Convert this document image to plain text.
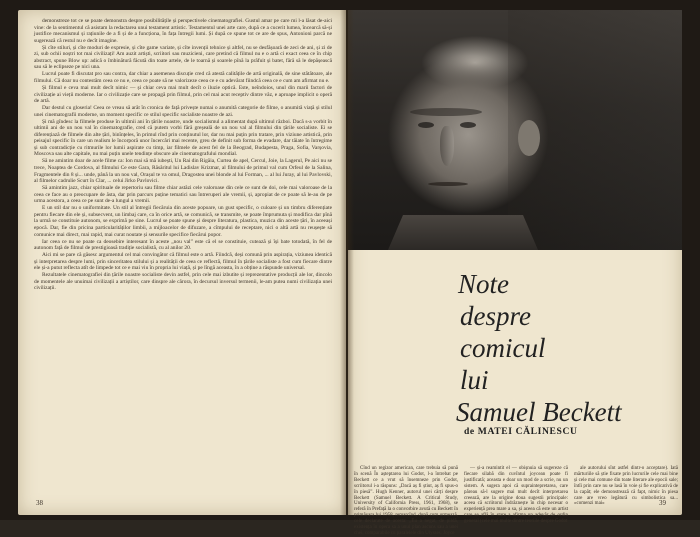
demonstreze tot ce se poate demonstra despre posibilitățile și perspectivele cinematografiei. Gustul amar pe care mi l-a lăsat de-aici vine: de la sentimentul că asistam la redactarea unui testament artistic. Testamentul unei arte care, după ce a cucerit lumea, încearcă să-și justifice mecanismul și rațiunile de a fi și de a funcționa, în fața întregii lumi. Și după ce spune tot ce are de spus, Antonioni parcă ne sugerează că restul nu e decît imagine.

Și cîte stiluri, și cîte moduri de expresie, și cîte game variate, și cîte invenții tehnice și altfel, nu se desfășoară de zeci de ani, și zi de zi, sub ochii noștri tot mai civilizați! Am auzit artiști, scriitori sau muzicieni, care pretind că filmul nu e o artă ci exact ceea ce în chip abstract, spune Blow up: adică o îmbinătură făcută din toate artele, de le toarnă și soarele pînă la prăfuit și batet, fără să le depășească sau să le eclipseze pe nici una.

Lucrul poate fi discutat pro sau contra, dar chiar a asemenea discuție cred că atestă calitățile de artă originală, de sine stătătoare, ale filmului. Că doar nu contestăm ceea ce nu e, ceea ce poate să ne valorizeze ceea ce e cu adevărat fiindcă ceea ce e cum am afirmat nu e.

Și filmul e ceva mai mult decît nimic — și chiar ceva mai mult decît o iluzie optică. Este, neîndoios, unul din marii factori de civilizație ai vieții moderne. Iar o civilizație care se propagă prin filmul, prin cel mai acut receptiv dintre văz, e aproape implicit o operă de artă.

Dar destul cu gloseria! Ceea ce vreau să arăt în cronica de față privește numai o anumită categorie de filme, o anumită viață și stilul unei cinematografii moderne, un moment specific ce stilul specific socialiste noastre de azi.

Și mă gîndesc la filmele produse în ultimii ani în țările noastre, unde socialismul a alimentat după ultimul război. Dacă s-a vorbit în ultimii ani de un nou val în cinematografie, cred că putem vorbi fără greșeală de un nou val al filmului din țările socialiste. Ei se diferențiază de filmele din alte țări, binînțeles, în primul rînd prin conținutul lor, dar nu mai puțin prin tratare, prin viziune artistică, prin peisajul specific în care un realism le încorporă unor încercări mai recente, greu de definit sub forma de evadare, dar tăiate în întregime și sub contradicție cu ritmurile lor lumii aspirate cu timp, iar filmele de acest fel de la Beograd, Budapesta, Praga, Sofia, Varșovia, Moscova sau alte capitale, nu mai puțin unele tendințe obscure ale cinematografului mondial.

Să ne amintim doar de acele filme ca: Ion mai să mă iubești, Un Rai din Rigăia, Curtea de apel, Cercul, Joie, la Lagerul, Pe aici nu se trece, Noaptea de Cordova, al filmului Ce este Gara, Răsăritul lui Ladislav Krizmar, al filmului de primul val cum Orfeul de la Salina, Fragmentele din 8 și... unde, până la un nou val, Orașul te va omul, Dragostea unei blonde al lui Forman, ... al lui Juray, al lui Pavlovski, al filmelor cadrulie Scurt în Clar, ... celui Jirko Pavlovici.

Să amintim jazz, chiar spirituale de repertoriu sau filme chiar astăzi cele valoroase din cele ce sunt de doi, cele mai valoroase de la ceea ce face au o preocupare de ăsta, dar prin parcurs puține tematici sau întreruperi ale vremii, și, apropiat de ce poate să le-au de pe urma acestora, a ceea ce pe sunt de-a lungul a vremii.

E un stil dar nu o uniformitate. Un stil al întregii fiecăruia din aceste popoare, un gust specific, o culoare și un timbru diferențiate pentru fiecare din ele și, subsecvent, un limbaj care, ca în orice artă, se comunică, se transmite, se poate împrumuta și modifica dar pînă la urmă se constituie autonom, se exprimă pe sine. Lucrul se poate spune și despre literatura, plastica, muzica din aceste țări, în aceeași epocă. Dar, fie din pricina particularităților limbii, a mijloacelor de difuzare, a cîmpului de receptare, nici o altă artă nu reușește să comunice mai direct, mai rapid, mai curat noutate și sensurile specifice fiecărui popor.

Iar ceea ce nu se poate ca deosebire interesant în aceste „nou val” este că el se constituie, cutează și își bate totodată, în fel de autonom față de filmul de prestigioasă tradiție socialistă, cu al anilor 20.

Aici mi se pare că găsesc argumentul cel mai convingător că filmul este o artă. Fiindcă, deși comună prin aspirația, viziunea identică și interpretarea despre lumi, prin sinceritatea stilului și a realității de ceea ce reflectă, filmul în țările socialiste a fost cum fiecare dintre ele și-a putut reflecta atît de limpede tot ce e mai viu în propria lui viață, și pe lîngă aceasta, în a obține a răspunde universal.

Rezultatele cinematografiei din țările noastre socialiste devin astfel, prin cele mai izbutite și reprezentative producții ale lor, dincolo de momentele ale unuimai civilizații a artiștilor, care dinspre ale cărora, în decursul inversul termenii, le-am putea numi civilizația unei civilizații.

38
Note
despre
comicul
lui
Samuel Beckett
de MATEI CĂLINESCU

Cînd un regizor american, care trebuia să pună în scenă În așteptarea lui Godot, l-a întrebat pe Beckett ce a vrut să însemneze prin Godot, scriitorul i-a răspuns: „Dacă aș fi știut, aș fi spus-o în piesă”. Hugh Kenner, autorul unei cărți despre Beckett (Samuel Beckett. A Critical Study, University of California Press, 1961, 1968), se referă în Prefață la o convorbire avută cu Beckett în primăvara lui 1958, remarcînd, după cum urmează, cele declarate de acesta: „Eu a negat, de pildă, existența în opera sa a unui plan ascuns sau a unei chei, comparabile cu paralelele din Ulysses. Joyce

— și-a reamintit el — obișnuia să sugereze că fiecare silabă din cuvîntul joycean poate fi justificată; aceasta e doar un mod de a scrie, nu un sistem. A sugera apoi că supraintepretarea, care păreau să-l sugere mai mult decît interpretarea creează, are la origine doua sugestii principale: aceea că scriitorul îndrăznește în chip necesar o experiență prea mare a sa, și aceea că este un artist care se află în stare a afirma un adevăr de ordin general (cele mai multe dintre teoriile despre Godot

ale autorului sînt astfel dintr-o acceptare). Iată mărturiile să știe fixate prin lucrurile cele mai bine și cele mai comune din toate literare ale epocii sale; întîi prin care nu se lasă în voie și fie explicativă de la capăt; ele demonstrează că fapt, nimic în piesa care are vreo legătură cu simbolistica sa... «comenzi mai»	39
